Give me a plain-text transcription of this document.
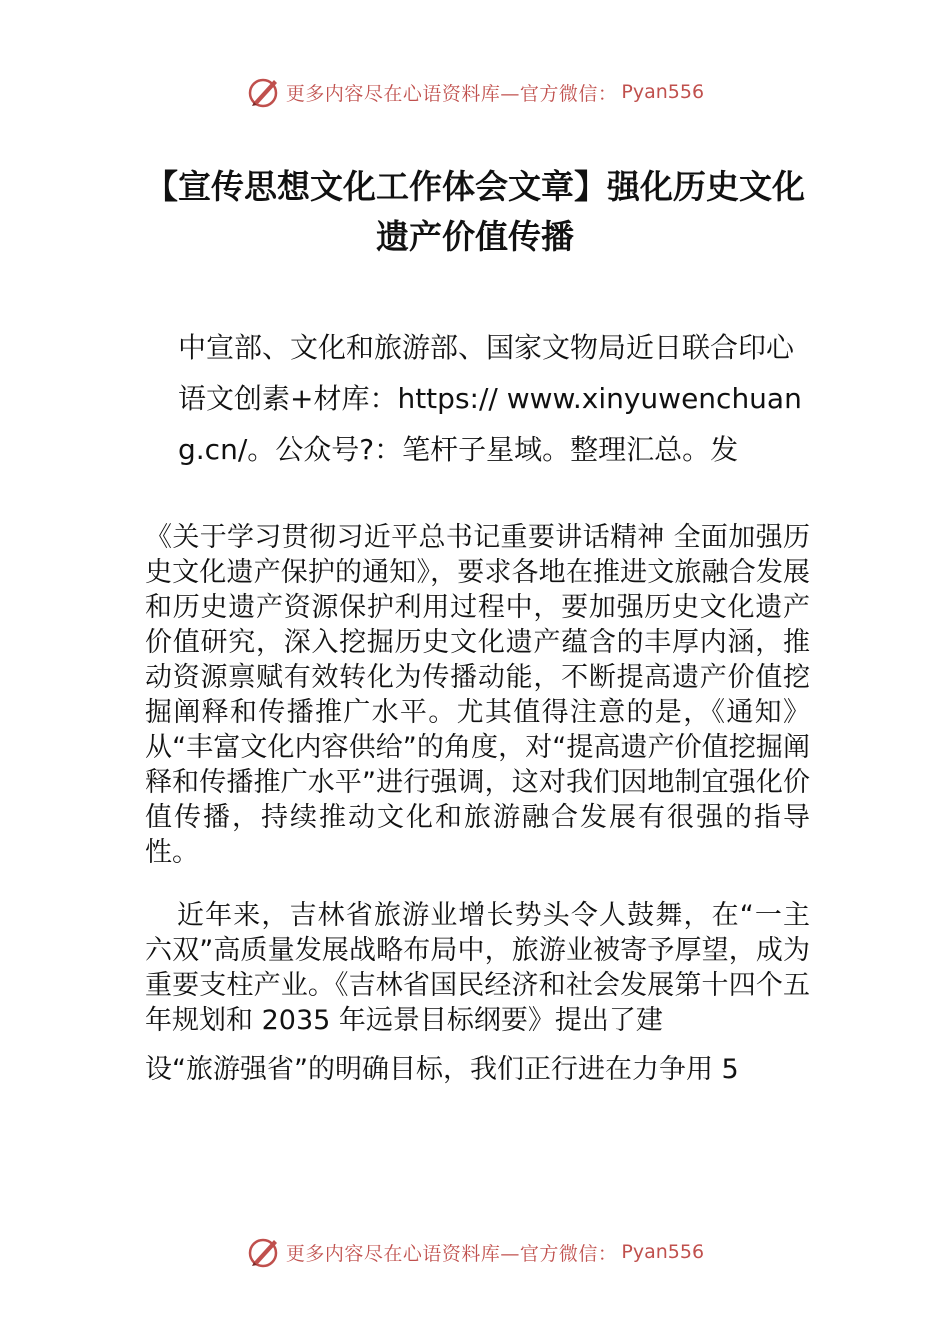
更多内容尽在心语资料库—官方微信： Pyan556
【宣传思想文化工作体会文章】强化历史文化遗产价值传播
中宣部、文化和旅游部、国家文物局近日联合印心语文创素+材库：https:// www.xinyuwenchuang.cn/。公众号?：笔杆子星域。整理汇总。发
《关于学习贯彻习近平总书记重要讲话精神 全面加强历史文化遗产保护的通知》，要求各地在推进文旅融合发展和历史遗产资源保护利用过程中，要加强历史文化遗产价值研究，深入挖掘历史文化遗产蕴含的丰厚内涵，推动资源禀赋有效转化为传播动能，不断提高遗产价值挖掘阐释和传播推广水平。尤其值得注意的是，《通知》从“丰富文化内容供给”的角度，对“提高遗产价值挖掘阐释和传播推广水平”进行强调，这对我们因地制宜强化价值传播，持续推动文化和旅游融合发展有很强的指导性。
近年来，吉林省旅游业增长势头令人鼓舞，在“一主六双”高质量发展战略布局中，旅游业被寄予厚望，成为重要支柱产业。《吉林省国民经济和社会发展第十四个五年规划和 2035 年远景目标纲要》提出了建
设“旅游强省”的明确目标，我们正行进在力争用 5
更多内容尽在心语资料库—官方微信： Pyan556
